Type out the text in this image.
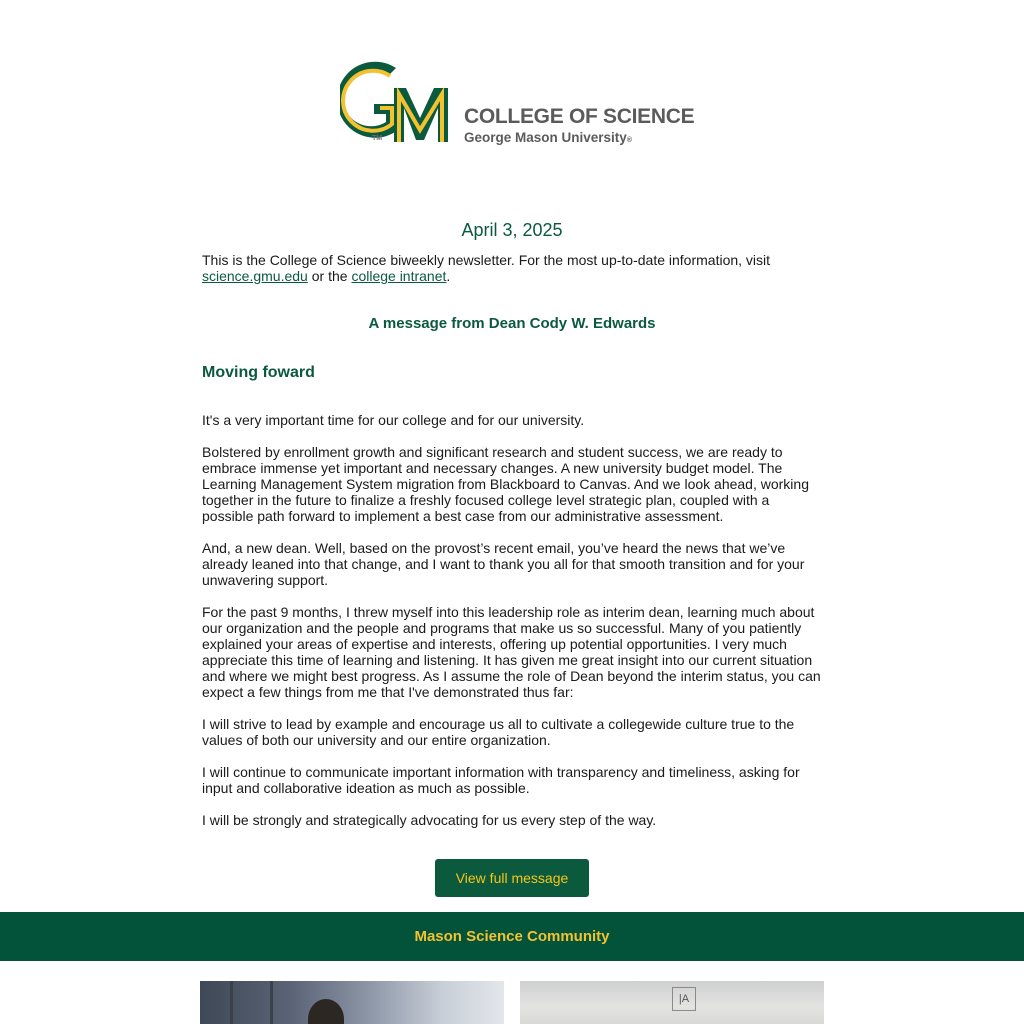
TM
COLLEGE OF SCIENCE
George Mason University®
April 3, 2025
This is the College of Science biweekly newsletter. For the most up-to-date information, visit science.gmu.edu or the college intranet.
A message from Dean Cody W. Edwards
Moving foward

It's a very important time for our college and for our university.

Bolstered by enrollment growth and significant research and student success, we are ready to embrace immense yet important and necessary changes. A new university budget model. The Learning Management System migration from Blackboard to Canvas. And we look ahead, working together in the future to finalize a freshly focused college level strategic plan, coupled with a possible path forward to implement a best case from our administrative assessment.

And, a new dean. Well, based on the provost’s recent email, you’ve heard the news that we’ve already leaned into that change, and I want to thank you all for that smooth transition and for your unwavering support.

For the past 9 months, I threw myself into this leadership role as interim dean, learning much about our organization and the people and programs that make us so successful. Many of you patiently explained your areas of expertise and interests, offering up potential opportunities. I very much appreciate this time of learning and listening. It has given me great insight into our current situation and where we might best progress. As I assume the role of Dean beyond the interim status, you can expect a few things from me that I've demonstrated thus far:

I will strive to lead by example and encourage us all to cultivate a collegewide culture true to the values of both our university and our entire organization.

I will continue to communicate important information with transparency and timeliness, asking for input and collaborative ideation as much as possible.

I will be strongly and strategically advocating for us every step of the way.

View full message
Mason Science Community
|A
